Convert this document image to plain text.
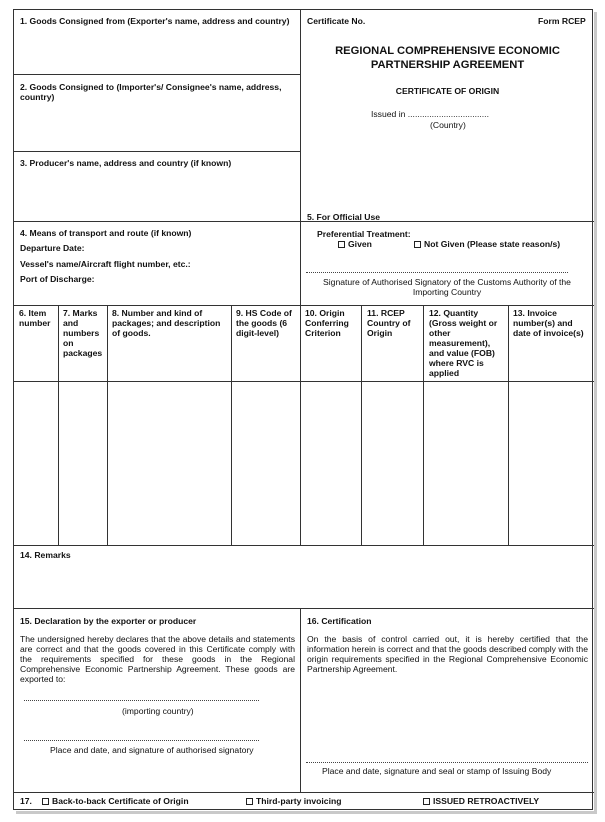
1. Goods Consigned from (Exporter's name, address and country)
2. Goods Consigned to (Importer's/ Consignee's name, address, country)
3. Producer's name, address and country (if known)
4. Means of transport and route (if known)
Departure Date:
Vessel's name/Aircraft flight number, etc.:
Port of Discharge:
Certificate No.	Form RCEP
REGIONAL COMPREHENSIVE ECONOMIC
PARTNERSHIP AGREEMENT
CERTIFICATE OF ORIGIN
Issued in ..................................
(Country)
5. For Official Use
Preferential Treatment:
Given	Not Given (Please state reason/s)
Signature of Authorised Signatory of the Customs Authority of the Importing Country
6. Item number
7. Marks and numbers on packages
8. Number and kind of packages; and description of goods.
9. HS Code of the goods (6 digit-level)
10. Origin Conferring Criterion
11. RCEP Country of Origin
12. Quantity (Gross weight or other measurement), and value (FOB) where RVC is applied
13. Invoice number(s) and date of invoice(s)
14. Remarks
15. Declaration by the exporter or producer
The undersigned hereby declares that the above details and statements are correct and that the goods covered in this Certificate comply with the requirements specified for these goods in the Regional Comprehensive Economic Partnership Agreement. These goods are exported to:
(importing country)
Place and date, and signature of authorised signatory
16. Certification
On the basis of control carried out, it is hereby certified that the information herein is correct and that the goods described comply with the origin requirements specified in the Regional Comprehensive Economic Partnership Agreement.
Place and date, signature and seal or stamp of Issuing Body
17.	Back-to-back Certificate of Origin	Third-party invoicing	ISSUED RETROACTIVELY
